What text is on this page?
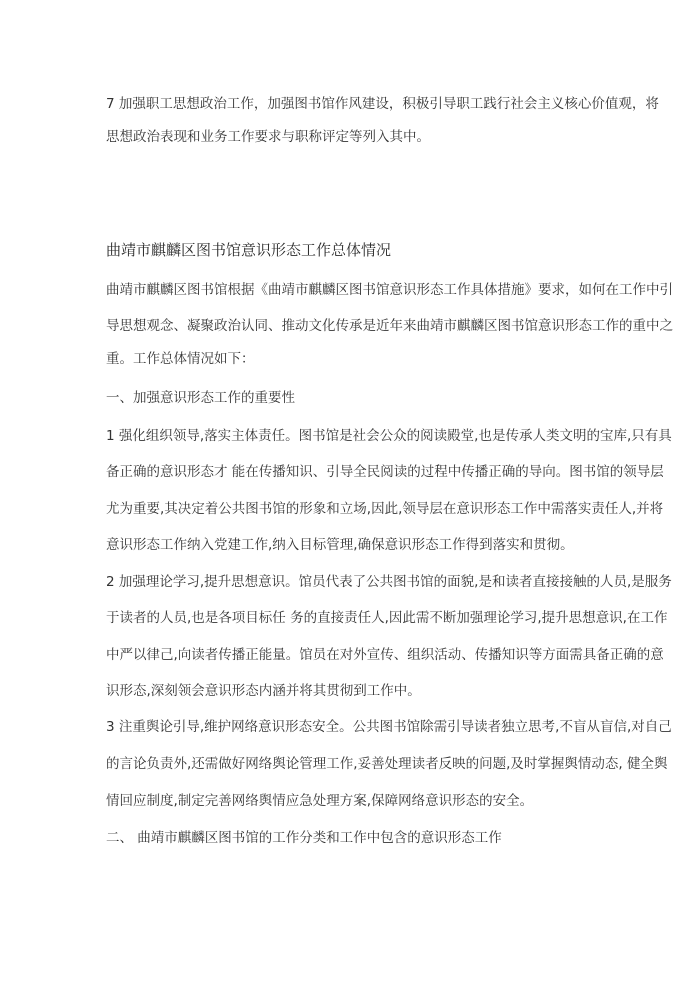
7 加强职工思想政治工作，加强图书馆作风建设，积极引导职工践行社会主义核心价值观，将
思想政治表现和业务工作要求与职称评定等列入其中。
曲靖市麒麟区图书馆意识形态工作总体情况
曲靖市麒麟区图书馆根据《曲靖市麒麟区图书馆意识形态工作具体措施》要求，如何在工作中引
导思想观念、凝聚政治认同、推动文化传承是近年来曲靖市麒麟区图书馆意识形态工作的重中之
重。工作总体情况如下：
一、加强意识形态工作的重要性
1 强化组织领导,落实主体责任。图书馆是社会公众的阅读殿堂,也是传承人类文明的宝库,只有具
备正确的意识形态才 能在传播知识、引导全民阅读的过程中传播正确的导向。图书馆的领导层
尤为重要,其决定着公共图书馆的形象和立场,因此,领导层在意识形态工作中需落实责任人,并将
意识形态工作纳入党建工作,纳入目标管理,确保意识形态工作得到落实和贯彻。
2 加强理论学习,提升思想意识。馆员代表了公共图书馆的面貌,是和读者直接接触的人员,是服务
于读者的人员,也是各项目标任 务的直接责任人,因此需不断加强理论学习,提升思想意识,在工作
中严以律己,向读者传播正能量。馆员在对外宣传、组织活动、传播知识等方面需具备正确的意
识形态,深刻领会意识形态内涵并将其贯彻到工作中。
3 注重舆论引导,维护网络意识形态安全。公共图书馆除需引导读者独立思考,不盲从盲信,对自己
的言论负责外,还需做好网络舆论管理工作,妥善处理读者反映的问题,及时掌握舆情动态, 健全舆
情回应制度,制定完善网络舆情应急处理方案,保障网络意识形态的安全。
二、 曲靖市麒麟区图书馆的工作分类和工作中包含的意识形态工作
